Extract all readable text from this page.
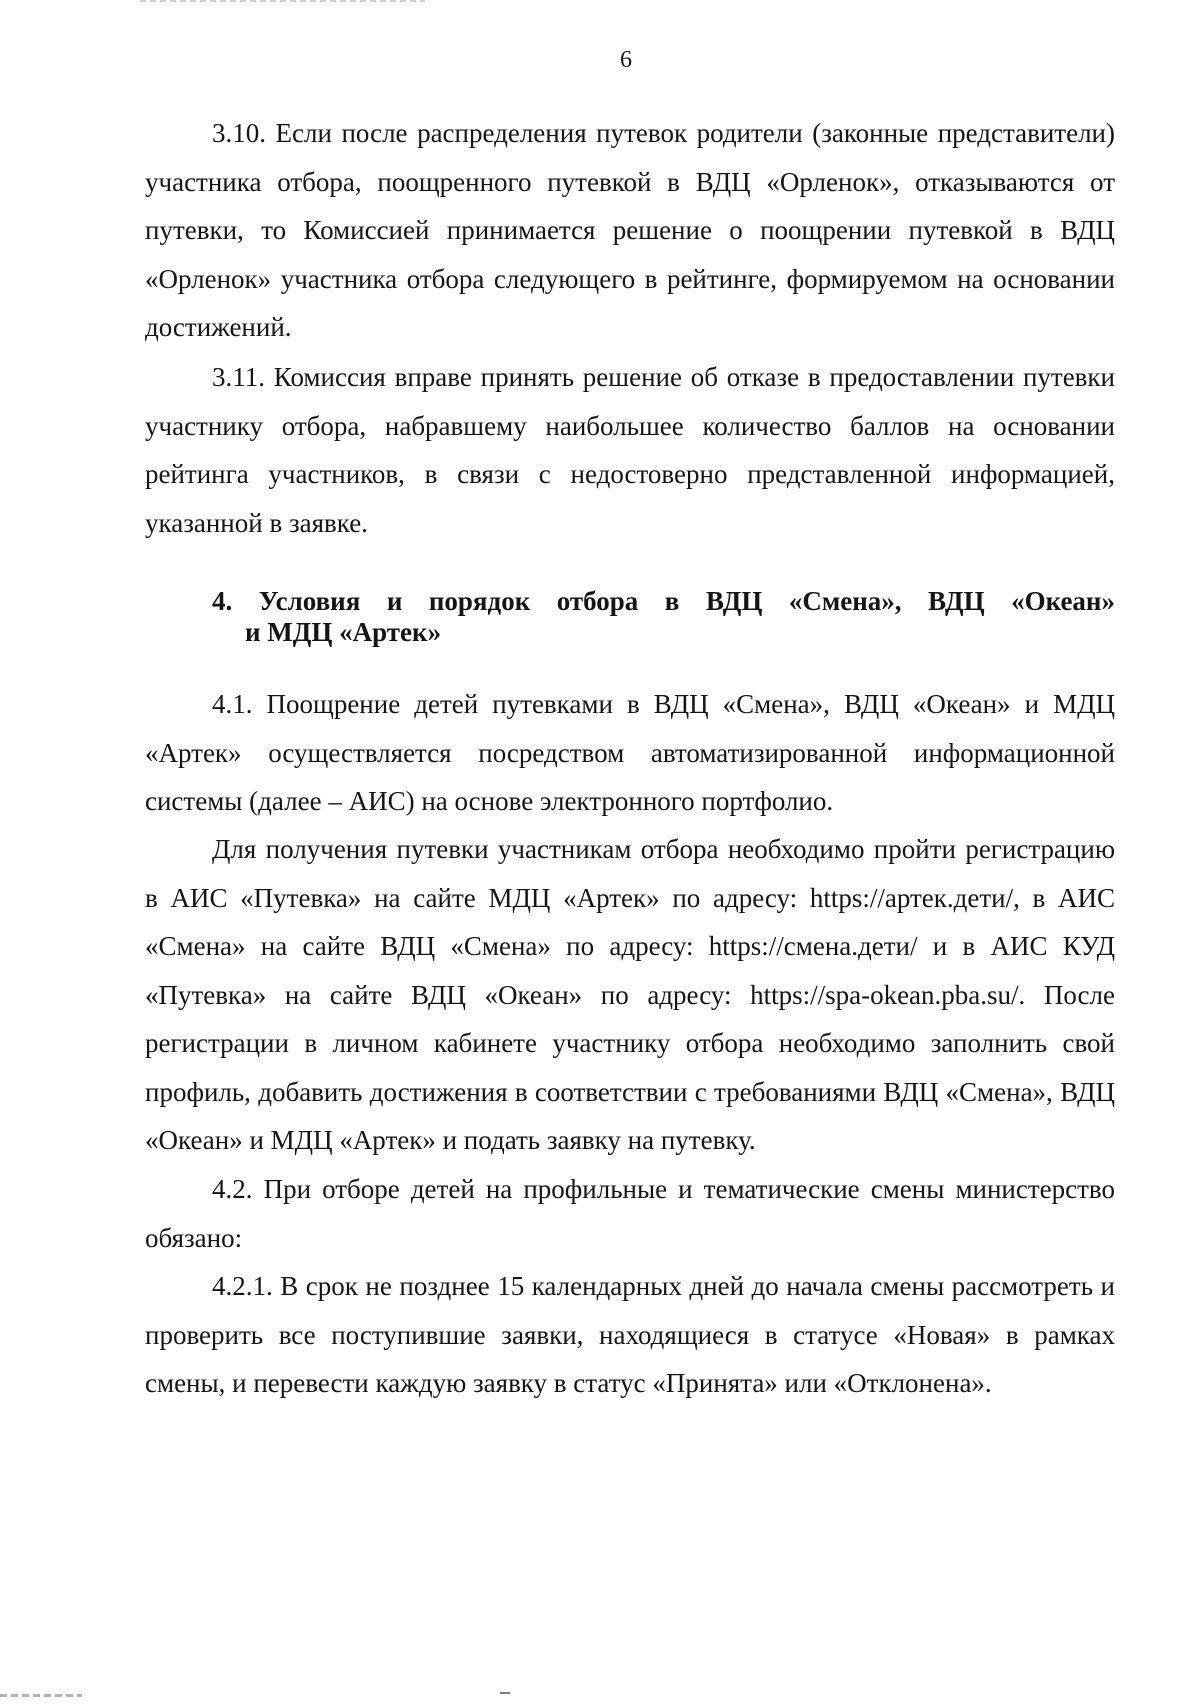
6

3.10. Если после распределения путевок родители (законные представители) участника отбора, поощренного путевкой в ВДЦ «Орленок», отказываются от путевки, то Комиссией принимается решение о поощрении путевкой в ВДЦ «Орленок» участника отбора следующего в рейтинге, формируемом на основании достижений.

3.11. Комиссия вправе принять решение об отказе в предоставлении путевки участнику отбора, набравшему наибольшее количество баллов на основании рейтинга участников, в связи с недостоверно представленной информацией, указанной в заявке.

4. Условия и порядок отбора в ВДЦ «Смена», ВДЦ «Океан»
и МДЦ «Артек»

4.1. Поощрение детей путевками в ВДЦ «Смена», ВДЦ «Океан» и МДЦ «Артек» осуществляется посредством автоматизированной информационной системы (далее – АИС) на основе электронного портфолио.

Для получения путевки участникам отбора необходимо пройти регистрацию в АИС «Путевка» на сайте МДЦ «Артек» по адресу: https://артек.дети/, в АИС «Смена» на сайте ВДЦ «Смена» по адресу: https://смена.дети/ и в АИС КУД «Путевка» на сайте ВДЦ «Океан» по адресу: https://spa-okean.pba.su/. После регистрации в личном кабинете участнику отбора необходимо заполнить свой профиль, добавить достижения в соответствии с требованиями ВДЦ «Смена», ВДЦ «Океан» и МДЦ «Артек» и подать заявку на путевку.

4.2. При отборе детей на профильные и тематические смены министерство обязано:

4.2.1. В срок не позднее 15 календарных дней до начала смены рассмотреть и проверить все поступившие заявки, находящиеся в статусе «Новая» в рамках смены, и перевести каждую заявку в статус «Принята» или «Отклонена».
